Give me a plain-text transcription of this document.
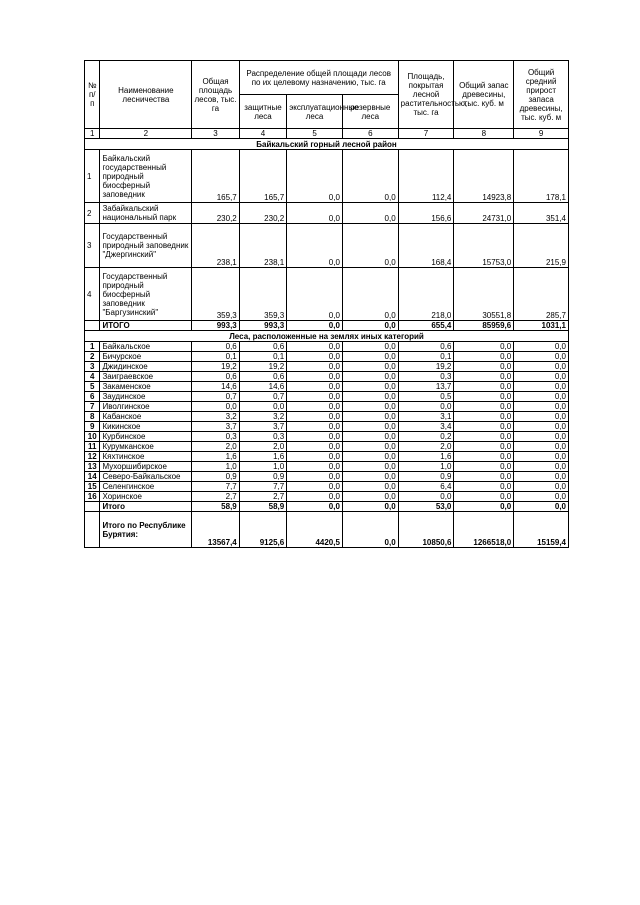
№ п/п	Наименование лесничества	Общая площадь лесов, тыс. га	Распределение общей площади лесов по их целевому назначению, тыс. га			Площадь, покрытая лесной растительностью, тыс. га	Общий запас древесины, тыс. куб. м	Общий средний прирост запаса древесины, тыс. куб. м
			защитные леса	эксплуатационные леса	резервные леса			
1	2	3	4	5	6	7	8	9
Байкальский горный лесной район								
1	Байкальский государственный природный биосферный заповедник	165,7	165,7	0,0	0,0	112,4	14923,8	178,1
2	Забайкальский национальный парк	230,2	230,2	0,0	0,0	156,6	24731,0	351,4
3	Государственный природный заповедник "Джергинский"	238,1	238,1	0,0	0,0	168,4	15753,0	215,9
4	Государственный природный биосферный заповедник "Баргузинский"	359,3	359,3	0,0	0,0	218,0	30551,8	285,7
	ИТОГО	993,3	993,3	0,0	0,0	655,4	85959,6	1031,1
Леса, расположенные на землях иных категорий								
1	Байкальское	0,6	0,6	0,0	0,0	0,6	0,0	0,0
2	Бичурское	0,1	0,1	0,0	0,0	0,1	0,0	0,0
3	Джидинское	19,2	19,2	0,0	0,0	19,2	0,0	0,0
4	Заиграевское	0,6	0,6	0,0	0,0	0,3	0,0	0,0
5	Закаменское	14,6	14,6	0,0	0,0	13,7	0,0	0,0
6	Заудинское	0,7	0,7	0,0	0,0	0,5	0,0	0,0
7	Иволгинское	0,0	0,0	0,0	0,0	0,0	0,0	0,0
8	Кабанское	3,2	3,2	0,0	0,0	3,1	0,0	0,0
9	Кикинское	3,7	3,7	0,0	0,0	3,4	0,0	0,0
10	Курбинское	0,3	0,3	0,0	0,0	0,2	0,0	0,0
11	Курумканское	2,0	2,0	0,0	0,0	2,0	0,0	0,0
12	Кяхтинское	1,6	1,6	0,0	0,0	1,6	0,0	0,0
13	Мухоршибирское	1,0	1,0	0,0	0,0	1,0	0,0	0,0
14	Северо-Байкальское	0,9	0,9	0,0	0,0	0,9	0,0	0,0
15	Селенгинское	7,7	7,7	0,0	0,0	6,4	0,0	0,0
16	Хоринское	2,7	2,7	0,0	0,0	0,0	0,0	0,0
	Итого	58,9	58,9	0,0	0,0	53,0	0,0	0,0
	Итого по Республике Бурятия:	13567,4	9125,6	4420,5	0,0	10850,6	1266518,0	15159,4
